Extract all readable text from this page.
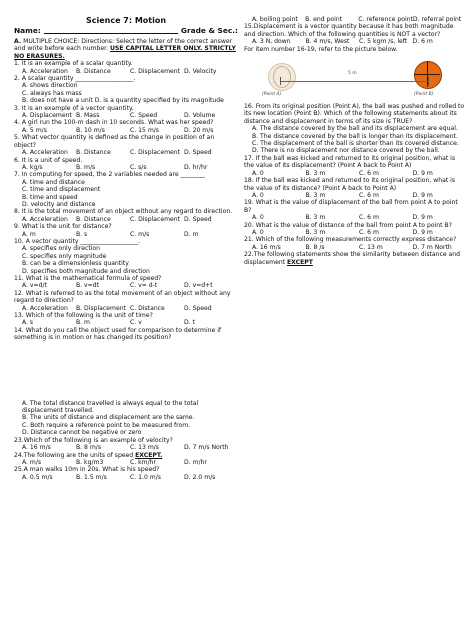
Science 7: Motion
Name:	Grade & Sec.:
A. MULTIPLE CHOICE: Directions: Select the letter of the correct answer and write before each number. USE CAPITAL LETTER ONLY. STRICTLY NO ERASURES.
1. It is an example of a scalar quantity.
A. Acceleration	B. Distance	C. Displacement D. Velocity
2. A scalar quantity ___________________.
A. shows direction
C. always has mass
B. does not have a unit D. is a quantity specified by its magnitude
3. It is an example of a vector quantity.
A. Displacement B. Mass	C. Speed	D. Volume
4. A girl run the 100-m dash in 10 seconds. What was her speed?
A. 5 m/s	B. 10 m/s	C. 15 m/s	D. 20 m/s
5. What vector quantity is defined as the change in position of an object?
A. Acceleration	B. Distance	C. Displacement D. Speed
6. It is a unit of speed.
A. kg/s	B. m/s	C. s/s	D. hr/hr
7. In computing for speed, the 2 variables needed are ________
A. time and distance
C. time and displacement
B. time and speed
D. velocity and distance
8. It is the total movement of an object without any regard to direction.
A. Acceleration	B. Distance	C. Displacement D. Speed
9. What is the unit for distance?
A. m	B. s	C. m/s	D. m
10. A vector quantity ___________________.
A. specifies only direction
C. specifies only magnitude
B. can be a dimensionless quantity
D. specifies both magnitude and direction
11. What is the mathematical formula of speed?
A. v=d/t	B. v=dt	C. v= d-t	D. v=d+t
12. What is referred to as the total movement of an object without any regard to direction?
A. Acceleration	B. Displacement C. Distance	D. Speed
13. Which of the following is the unit of time?
A. s	B. m	C. v	D. t
14. What do you call the object used for comparison to determine if something is in motion or has changed its position?
A. The total distance travelled is always equal to the total displacement travelled.
B. The units of distance and displacement are the same.
C. Both require a reference point to be measured from.
D. Distance cannot be negative or zero
23.Which of the following is an example of velocity?
A. 16 m/s	B. 8 m/s	C. 13 m/s	D. 7 m/s North
24.The following are the units of speed EXCEPT.
A. m/s	B. kg/m3	C. km/hr	D. m/hr
25.A man walks 10m in 20s. What is his speed?
A. 0.5 m/s	B. 1.5 m/s	C. 1.0 m/s	D. 2.0 m/s
A. boiling point	B. end point	C. reference point D. referral point
15.Displacement is a vector quantity because it has both magnitude and direction. Which of the following quantities is NOT a vector?
A. 3 N, down	B. 4 m/s, West	C. 5 kgm /s, left D. 6 m
For item number 16-19, refer to the picture below.
5 m
(Point A)	(Point B)
16. From its original position (Point A), the ball was pushed and rolled to its new location (Point B). Which of the following statements about its distance and displacement in terms of its size is TRUE?
A. The distance covered by the ball and its displacement are equal.
B. The distance covered by the ball is longer than its displacement.
C. The displacement of the ball is shorter than its covered distance.
D. There is no displacement nor distance covered by the ball.
17. If the ball was kicked and returned to its original position, what is the value of its displacement? (Point A back to Point A)
A. 0	B. 3 m	C. 6 m	D. 9 m
18. If the ball was kicked and returned to its original position, what is the value of its distance? (Point A back to Point A)
A. 0	B. 3 m	C. 6 m	D. 9 m
19. What is the value of displacement of the ball from point A to point B?
A. 0	B. 3 m	C. 6 m	D. 9 m
20. What is the value of distance of the ball from point A to point B?
A. 0	B. 3 m	C. 6 m	D. 9 m
21. Which of the following measurements correctly express distance?
A. 16 m/s	B. 8 /s	C. 13 m	D. 7 m North
22.The following statements show the similarity between distance and displacement EXCEPT
